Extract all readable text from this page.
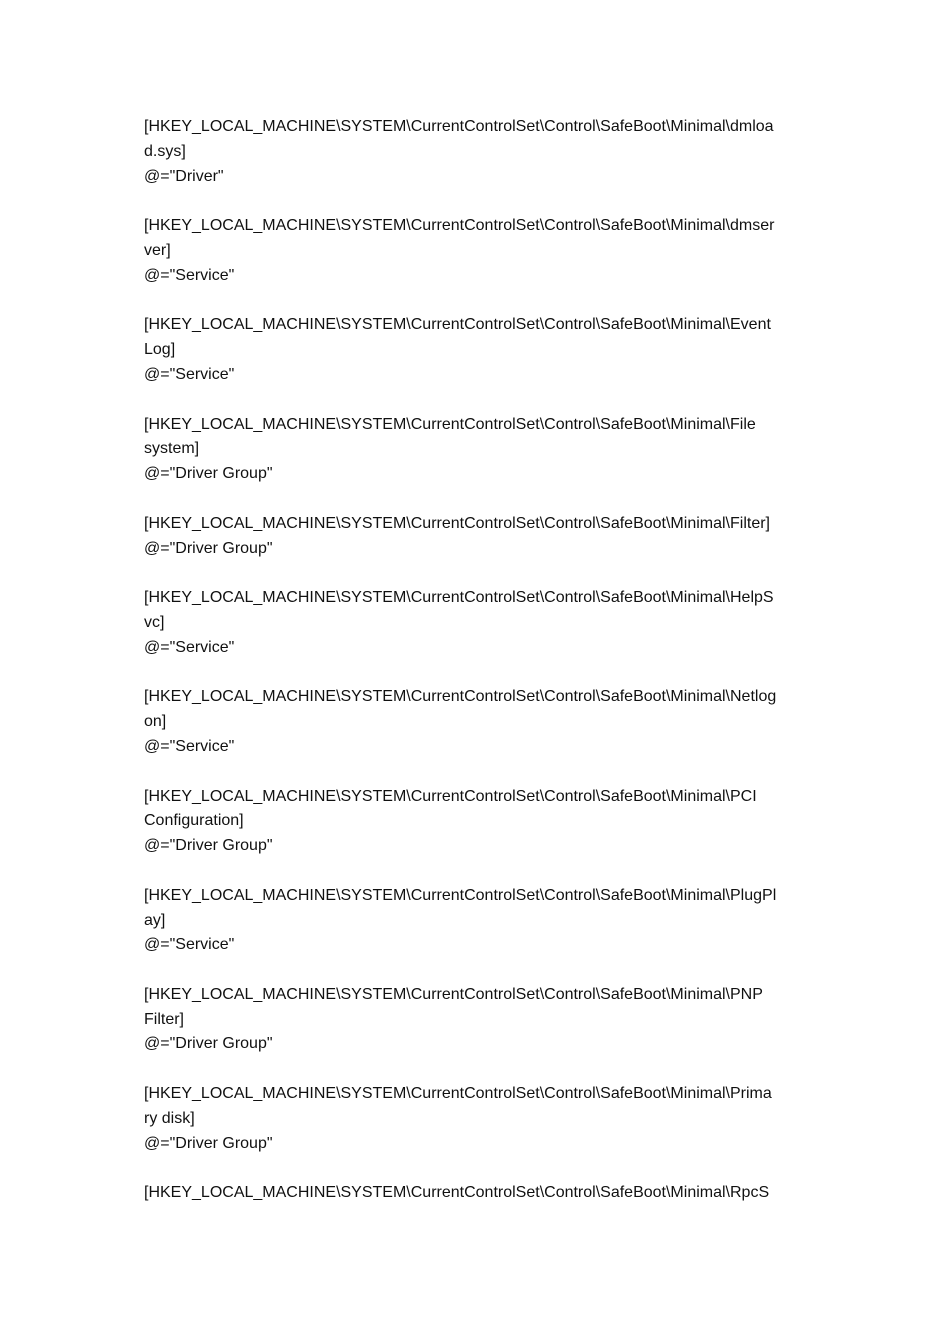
[HKEY_LOCAL_MACHINE\SYSTEM\CurrentControlSet\Control\SafeBoot\Minimal\dmloa
d.sys]
@="Driver"
[HKEY_LOCAL_MACHINE\SYSTEM\CurrentControlSet\Control\SafeBoot\Minimal\dmser
ver]
@="Service"
[HKEY_LOCAL_MACHINE\SYSTEM\CurrentControlSet\Control\SafeBoot\Minimal\Event
Log]
@="Service"
[HKEY_LOCAL_MACHINE\SYSTEM\CurrentControlSet\Control\SafeBoot\Minimal\File
system]
@="Driver Group"
[HKEY_LOCAL_MACHINE\SYSTEM\CurrentControlSet\Control\SafeBoot\Minimal\Filter]
@="Driver Group"
[HKEY_LOCAL_MACHINE\SYSTEM\CurrentControlSet\Control\SafeBoot\Minimal\HelpS
vc]
@="Service"
[HKEY_LOCAL_MACHINE\SYSTEM\CurrentControlSet\Control\SafeBoot\Minimal\Netlog
on]
@="Service"
[HKEY_LOCAL_MACHINE\SYSTEM\CurrentControlSet\Control\SafeBoot\Minimal\PCI
Configuration]
@="Driver Group"
[HKEY_LOCAL_MACHINE\SYSTEM\CurrentControlSet\Control\SafeBoot\Minimal\PlugPl
ay]
@="Service"
[HKEY_LOCAL_MACHINE\SYSTEM\CurrentControlSet\Control\SafeBoot\Minimal\PNP
Filter]
@="Driver Group"
[HKEY_LOCAL_MACHINE\SYSTEM\CurrentControlSet\Control\SafeBoot\Minimal\Prima
ry disk]
@="Driver Group"
[HKEY_LOCAL_MACHINE\SYSTEM\CurrentControlSet\Control\SafeBoot\Minimal\RpcS
